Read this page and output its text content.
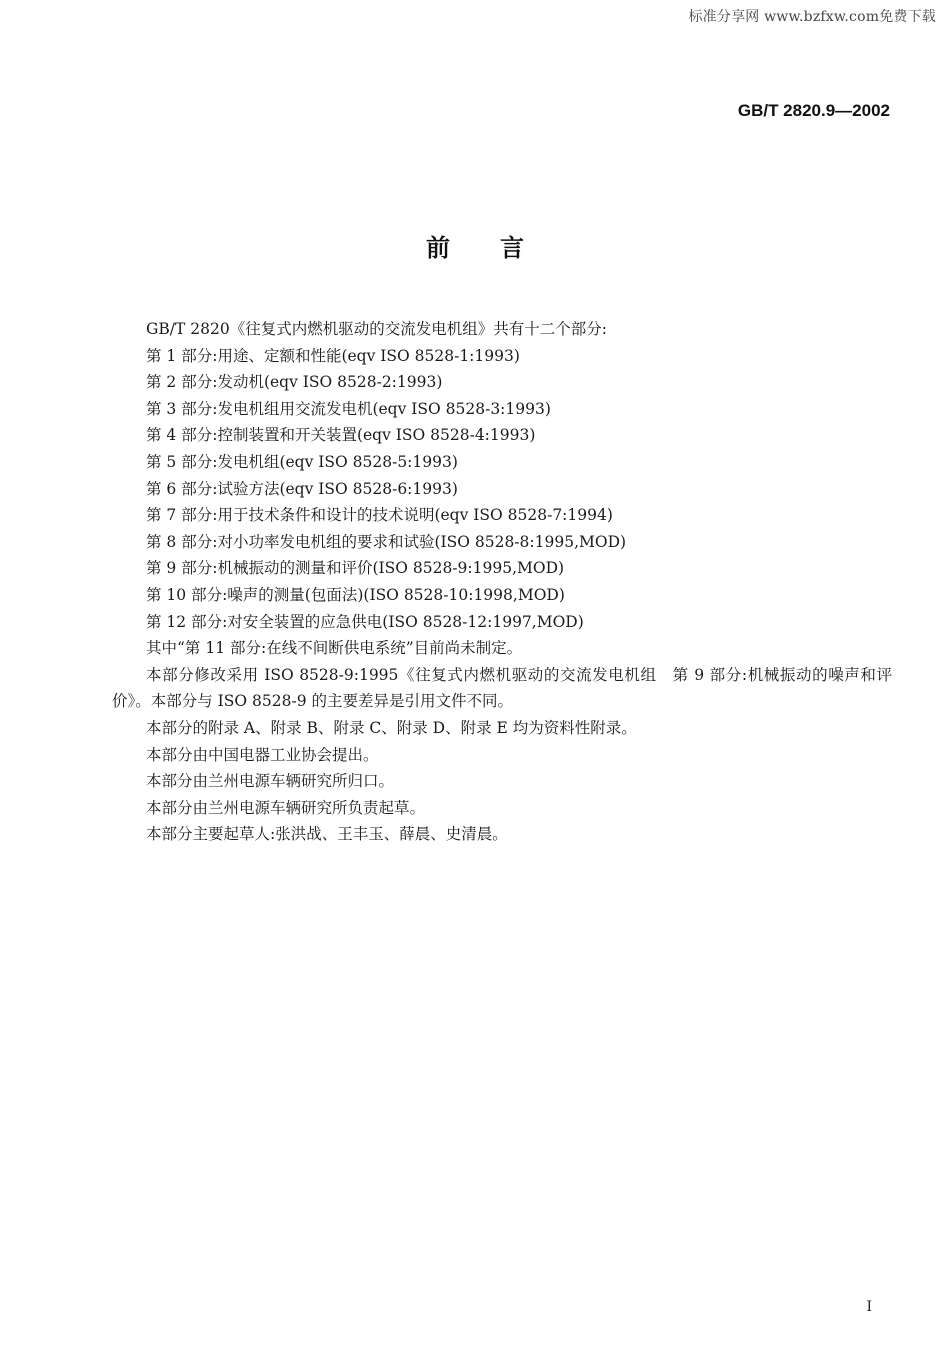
标准分享网 www.bzfxw.com免费下载
GB/T 2820.9—2002
前言

GB/T 2820《往复式内燃机驱动的交流发电机组》共有十二个部分:

第 1 部分:用途、定额和性能(eqv ISO 8528-1:1993)

第 2 部分:发动机(eqv ISO 8528-2:1993)

第 3 部分:发电机组用交流发电机(eqv ISO 8528-3:1993)

第 4 部分:控制装置和开关装置(eqv ISO 8528-4:1993)

第 5 部分:发电机组(eqv ISO 8528-5:1993)

第 6 部分:试验方法(eqv ISO 8528-6:1993)

第 7 部分:用于技术条件和设计的技术说明(eqv ISO 8528-7:1994)

第 8 部分:对小功率发电机组的要求和试验(ISO 8528-8:1995,MOD)

第 9 部分:机械振动的测量和评价(ISO 8528-9:1995,MOD)

第 10 部分:噪声的测量(包面法)(ISO 8528-10:1998,MOD)

第 12 部分:对安全装置的应急供电(ISO 8528-12:1997,MOD)

其中“第 11 部分:在线不间断供电系统”目前尚未制定。

本部分修改采用 ISO 8528-9:1995《往复式内燃机驱动的交流发电机组　第 9 部分:机械振动的噪声和评价》。本部分与 ISO 8528-9 的主要差异是引用文件不同。

本部分的附录 A、附录 B、附录 C、附录 D、附录 E 均为资料性附录。

本部分由中国电器工业协会提出。

本部分由兰州电源车辆研究所归口。

本部分由兰州电源车辆研究所负责起草。

本部分主要起草人:张洪战、王丰玉、薛晨、史清晨。

I
